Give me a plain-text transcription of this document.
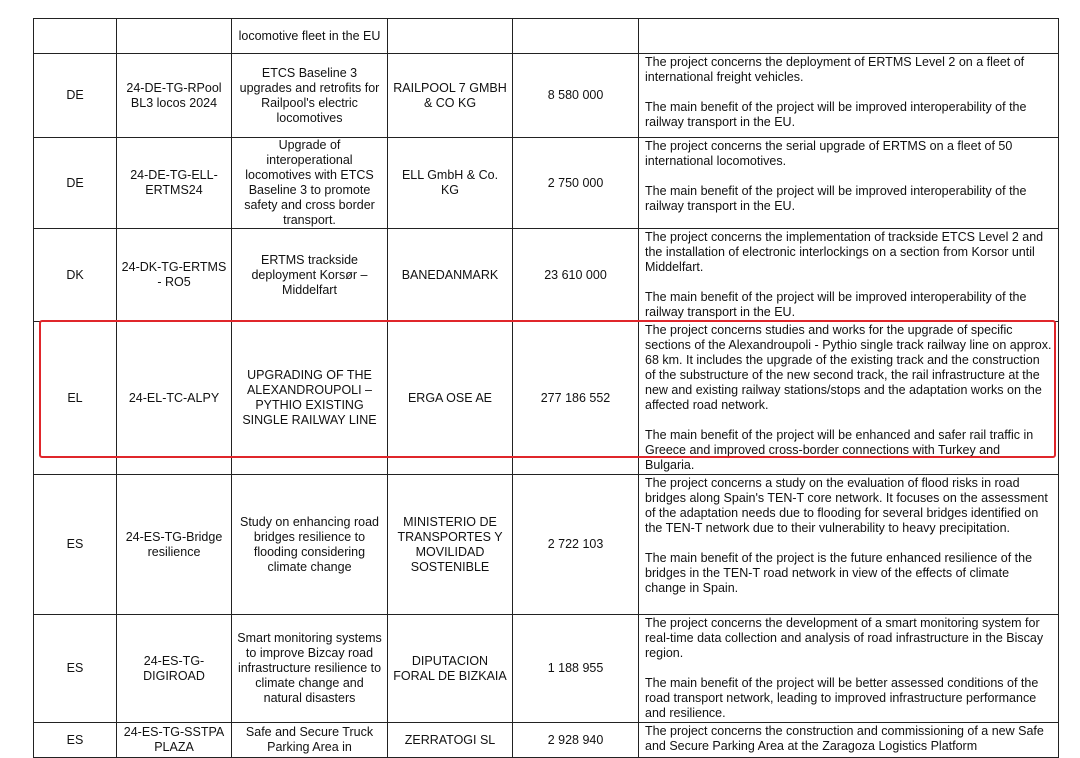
		locomotive fleet in the EU			
DE	24-DE-TG-RPool BL3 locos 2024	ETCS Baseline 3 upgrades and retrofits for Railpool's electric locomotives	RAILPOOL 7 GMBH & CO KG	8 580 000	The project concerns the deployment of ERTMS Level 2 on a fleet of international freight vehicles.

The main benefit of the project will be improved interoperability of the railway transport in the EU.

DE	24-DE-TG-ELL-ERTMS24	Upgrade of interoperational locomotives with ETCS Baseline 3 to promote safety and cross border transport.	ELL GmbH & Co. KG	2 750 000	The project concerns the serial upgrade of ERTMS on a fleet of 50 international locomotives.

The main benefit of the project will be improved interoperability of the railway transport in the EU.

DK	24-DK-TG-ERTMS - RO5	ERTMS trackside deployment Korsør – Middelfart	BANEDANMARK	23 610 000	The project concerns the implementation of trackside ETCS Level 2 and the installation of electronic interlockings on a section from Korsor until Middelfart.

The main benefit of the project will be improved interoperability of the railway transport in the EU.

EL	24-EL-TC-ALPY	UPGRADING OF THE ALEXANDROUPOLI – PYTHIO EXISTING SINGLE RAILWAY LINE	ERGA OSE AE	277 186 552	The project concerns studies and works for the upgrade of specific sections of the Alexandroupoli - Pythio single track railway line on approx. 68 km. It includes the upgrade of the existing track and the construction of the substructure of the new second track, the rail infrastructure at the new and existing railway stations/stops and the adaptation works on the affected road network.

The main benefit of the project will be enhanced and safer rail traffic in Greece and improved cross-border connections with Turkey and Bulgaria.

ES	24-ES-TG-Bridge resilience	Study on enhancing road bridges resilience to flooding considering climate change	MINISTERIO DE TRANSPORTES Y MOVILIDAD SOSTENIBLE	2 722 103	The project concerns a study on the evaluation of flood risks in road bridges along Spain's TEN-T core network. It focuses on the assessment of the adaptation needs due to flooding for several bridges identified on the TEN-T network due to their vulnerability to heavy precipitation.

The main benefit of the project is the future enhanced resilience of the bridges in the TEN-T road network in view of the effects of climate change in Spain.

ES	24-ES-TG-DIGIROAD	Smart monitoring systems to improve Bizcay road infrastructure resilience to climate change and natural disasters	DIPUTACION FORAL DE BIZKAIA	1 188 955	The project concerns the development of a smart monitoring system for real-time data collection and analysis of road infrastructure in the Biscay region.

The main benefit of the project will be better assessed conditions of the road transport network, leading to improved infrastructure performance and resilience.

ES	24-ES-TG-SSTPA PLAZA	Safe and Secure Truck Parking Area in	ZERRATOGI SL	2 928 940	The project concerns the construction and commissioning of a new Safe and Secure Parking Area at the Zaragoza Logistics Platform
